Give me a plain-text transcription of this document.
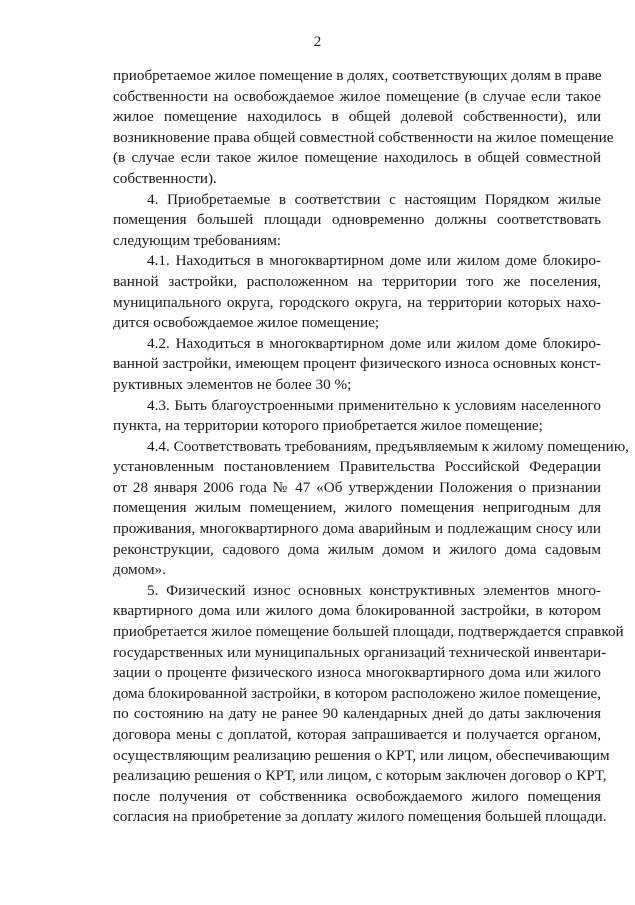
2
приобретаемое жилое помещение в долях, соответствующих долям в праве
собственности на освобождаемое жилое помещение (в случае если такое
жилое помещение находилось в общей долевой собственности), или
возникновение права общей совместной собственности на жилое помещение
(в случае если такое жилое помещение находилось в общей совместной
собственности).
4. Приобретаемые в соответствии с настоящим Порядком жилые
помещения большей площади одновременно должны соответствовать
следующим требованиям:
4.1. Находиться в многоквартирном доме или жилом доме блокиро-
ванной застройки, расположенном на территории того же поселения,
муниципального округа, городского округа, на территории которых нахо-
дится освобождаемое жилое помещение;
4.2. Находиться в многоквартирном доме или жилом доме блокиро-
ванной застройки, имеющем процент физического износа основных конст-
руктивных элементов не более 30 %;
4.3. Быть благоустроенными применительно к условиям населенного
пункта, на территории которого приобретается жилое помещение;
4.4. Соответствовать требованиям, предъявляемым к жилому помещению,
установленным постановлением Правительства Российской Федерации
от 28 января 2006 года № 47 «Об утверждении Положения о признании
помещения жилым помещением, жилого помещения непригодным для
проживания, многоквартирного дома аварийным и подлежащим сносу или
реконструкции, садового дома жилым домом и жилого дома садовым
домом».
5. Физический износ основных конструктивных элементов много-
квартирного дома или жилого дома блокированной застройки, в котором
приобретается жилое помещение большей площади, подтверждается справкой
государственных или муниципальных организаций технической инвентари-
зации о проценте физического износа многоквартирного дома или жилого
дома блокированной застройки, в котором расположено жилое помещение,
по состоянию на дату не ранее 90 календарных дней до даты заключения
договора мены с доплатой, которая запрашивается и получается органом,
осуществляющим реализацию решения о КРТ, или лицом, обеспечивающим
реализацию решения о КРТ, или лицом, с которым заключен договор о КРТ,
после получения от собственника освобождаемого жилого помещения
согласия на приобретение за доплату жилого помещения большей площади.
